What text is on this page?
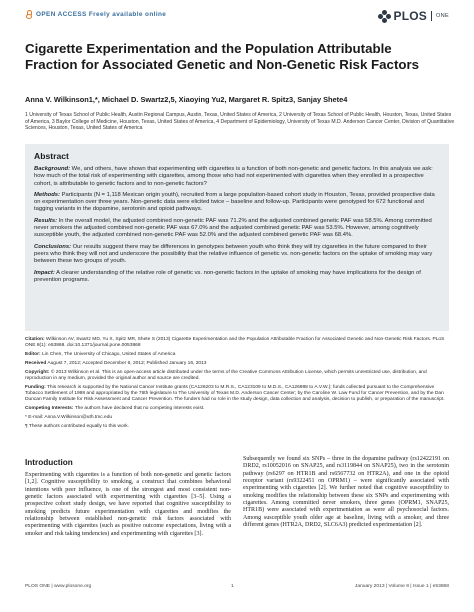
OPEN ACCESS Freely available online	PLOS ONE
Cigarette Experimentation and the Population Attributable Fraction for Associated Genetic and Non-Genetic Risk Factors
Anna V. Wilkinson1,*, Michael D. Swartz2,5, Xiaoying Yu2, Margaret R. Spitz3, Sanjay Shete4
1 University of Texas School of Public Health, Austin Regional Campus, Austin, Texas, United States of America, 2 University of Texas School of Public Health, Houston, Texas, United States of America, 3 Baylor College of Medicine, Houston, Texas, United States of America, 4 Department of Epidemiology, University of Texas M.D. Anderson Cancer Center, Division of Quantitative Sciences, Houston, Texas, United States of America
Abstract

Background: We, and others, have shown that experimenting with cigarettes is a function of both non-genetic and genetic factors. In this analysis we ask: how much of the total risk of experimenting with cigarettes, among those who had not experimented with cigarettes when they enrolled in a prospective cohort, is attributable to genetic factors and to non-genetic factors?

Methods: Participants (N = 1,118 Mexican origin youth), recruited from a large population-based cohort study in Houston, Texas, provided prospective data on experimentation over three years. Non-genetic data were elicited twice – baseline and follow-up. Participants were genotyped for 672 functional and tagging variants in the dopamine, serotonin and opioid pathways.

Results: In the overall model, the adjusted combined non-genetic PAF was 71.2% and the adjusted combined genetic PAF was 58.5%. Among committed never smokers the adjusted combined non-genetic PAF was 67.0% and the adjusted combined genetic PAF was 53.5%. However, among cognitively susceptible youth, the adjusted combined non-genetic PAF was 52.0% and the adjusted combined genetic PAF was 68.4%.

Conclusions: Our results suggest there may be differences in genotypes between youth who think they will try cigarettes in the future compared to their peers who think they will not and underscore the possibility that the relative influence of genetic vs. non-genetic factors on the uptake of smoking may vary between these two groups of youth.

Impact: A clearer understanding of the relative role of genetic vs. non-genetic factors in the uptake of smoking may have implications for the design of prevention programs.

Citation: Wilkinson AV, Swartz MD, Yu X, Spitz MR, Shete S (2013) Cigarette Experimentation and the Population Attributable Fraction for Associated Genetic and Non-Genetic Risk Factors. PLoS ONE 8(1): e53868. doi:10.1371/journal.pone.0053868

Editor: Lin Chen, The University of Chicago, United States of America

Received August 7, 2012; Accepted December 6, 2012; Published January 16, 2013

Copyright: © 2013 Wilkinson et al. This is an open-access article distributed under the terms of the Creative Commons Attribution License, which permits unrestricted use, distribution, and reproduction in any medium, provided the original author and source are credited.

Funding: This research is supported by the National Cancer Institute grants (CA126203 to M.R.S., CA123109 to M.D.S., CA126988 to A.V.W.); funds collected pursuant to the Comprehensive Tobacco Settlement of 1998 and appropriated by the 76th legislature to The University of Texas M.D. Anderson Cancer Center; by the Caroline W. Law Fund for Cancer Prevention, and by the Dan Duncan Family Institute for Risk Assessment and Cancer Prevention. The funders had no role in the study design, data collection and analysis, decision to publish, or preparation of the manuscript.

Competing Interests: The authors have declared that no competing interests exist.

* E-mail: Anna.V.Wilkinson@uth.tmc.edu

¶ These authors contributed equally to this work.

Introduction

Experimenting with cigarettes is a function of both non-genetic and genetic factors [1,2]. Cognitive susceptibility to smoking, a construct that combines behavioral intentions with peer influence, is one of the strongest and most consistent non-genetic factors associated with experimenting with cigarettes [3–5]. Using a prospective cohort study design, we have reported that cognitive susceptibility to smoking predicts future experimentation with cigarettes and modifies the relationship between established non-genetic risk factors associated with experimenting with cigarettes (such as positive outcome expectations, living with a smoker and risk taking tendencies) and experimenting with cigarettes [3].

Subsequently we found six SNPs – three in the dopamine pathway (rs12422191 on DRD2, rs10052016 on SNAP25, and rs3119844 on SNAP25), two in the serotonin pathway (rs6297 on HTR1B and rs6567732 on HTR2A), and one in the opioid receptor variant (rs9322451 on OPRM1) – were significantly associated with experimenting with cigarettes [2]. We further noted that cognitive susceptibility to smoking modifies the relationship between these six SNPs and experimenting with cigarettes. Among committed never smokers, three genes (OPRM1, SNAP25, HTR1B) were associated with experimentation as were all psychosocial factors. Among susceptible youth older age at baseline, living with a smoker, and three different genes (HTR2A, DRD2, SLC6A3) predicted experimentation [2].

PLOS ONE | www.plosone.org	1	January 2013 | Volume 8 | Issue 1 | e53868
